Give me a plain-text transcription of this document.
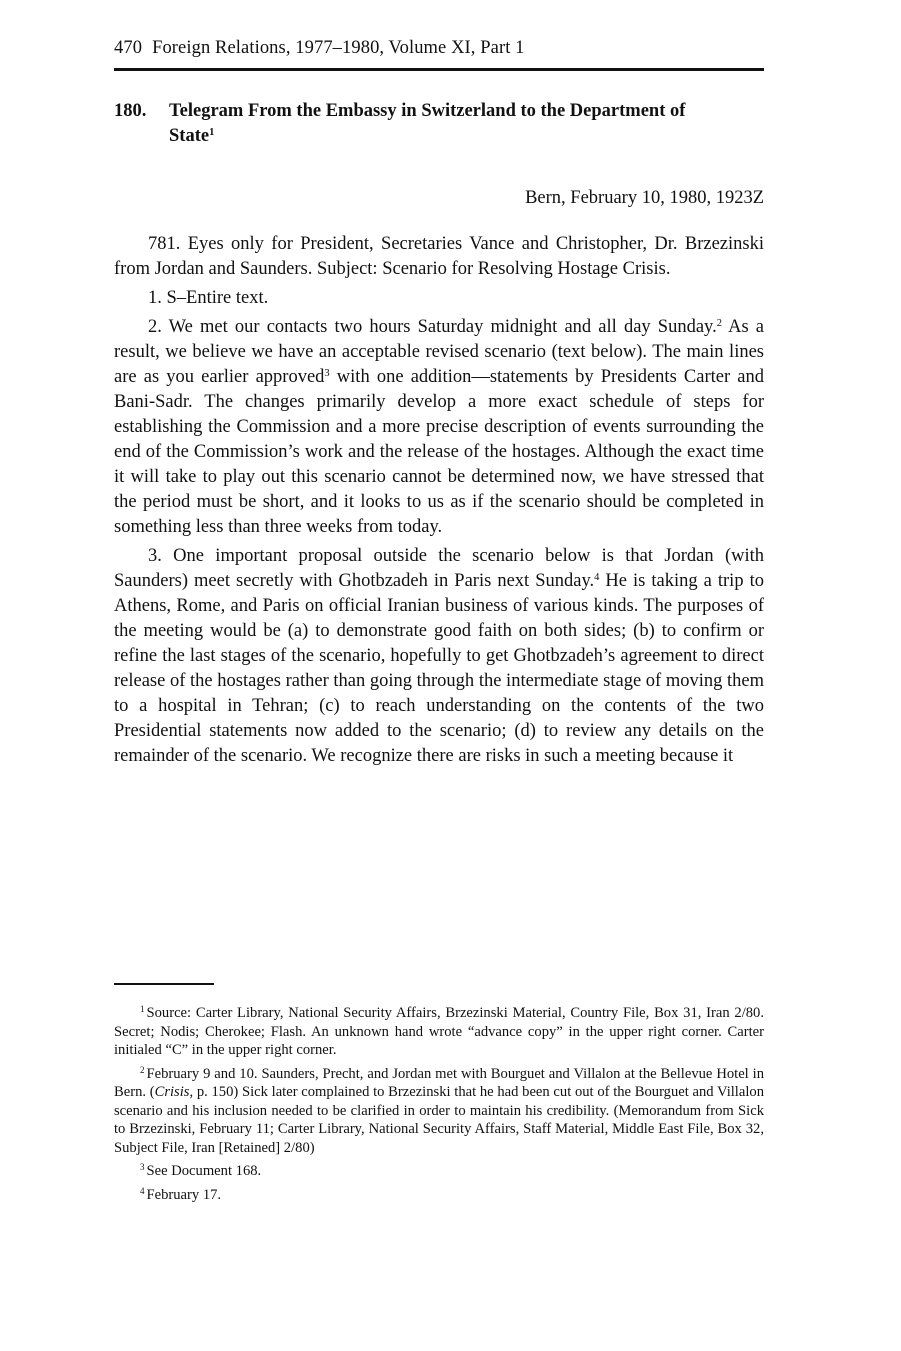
470 Foreign Relations, 1977–1980, Volume XI, Part 1
180. Telegram From the Embassy in Switzerland to the Department of State$^1$
Bern, February 10, 1980, 1923Z

781. Eyes only for President, Secretaries Vance and Christopher, Dr. Brzezinski from Jordan and Saunders. Subject: Scenario for Resolving Hostage Crisis.

1. S–Entire text.

2. We met our contacts two hours Saturday midnight and all day Sunday.$^2$ As a result, we believe we have an acceptable revised scenario (text below). The main lines are as you earlier approved$^3$ with one addition—statements by Presidents Carter and Bani-Sadr. The changes primarily develop a more exact schedule of steps for establishing the Commission and a more precise description of events surrounding the end of the Commission’s work and the release of the hostages. Although the exact time it will take to play out this scenario cannot be determined now, we have stressed that the period must be short, and it looks to us as if the scenario should be completed in something less than three weeks from today.

3. One important proposal outside the scenario below is that Jordan (with Saunders) meet secretly with Ghotbzadeh in Paris next Sunday.$^4$ He is taking a trip to Athens, Rome, and Paris on official Iranian business of various kinds. The purposes of the meeting would be (a) to demonstrate good faith on both sides; (b) to confirm or refine the last stages of the scenario, hopefully to get Ghotbzadeh’s agreement to direct release of the hostages rather than going through the intermediate stage of moving them to a hospital in Tehran; (c) to reach understanding on the contents of the two Presidential statements now added to the scenario; (d) to review any details on the remainder of the scenario. We recognize there are risks in such a meeting because it

$^1$ Source: Carter Library, National Security Affairs, Brzezinski Material, Country File, Box 31, Iran 2/80. Secret; Nodis; Cherokee; Flash. An unknown hand wrote “advance copy” in the upper right corner. Carter initialed “C” in the upper right corner.

$^2$ February 9 and 10. Saunders, Precht, and Jordan met with Bourguet and Villalon at the Bellevue Hotel in Bern. (Crisis, p. 150) Sick later complained to Brzezinski that he had been cut out of the Bourguet and Villalon scenario and his inclusion needed to be clarified in order to maintain his credibility. (Memorandum from Sick to Brzezinski, February 11; Carter Library, National Security Affairs, Staff Material, Middle East File, Box 32, Subject File, Iran [Retained] 2/80)

$^3$ See Document 168.

$^4$ February 17.
